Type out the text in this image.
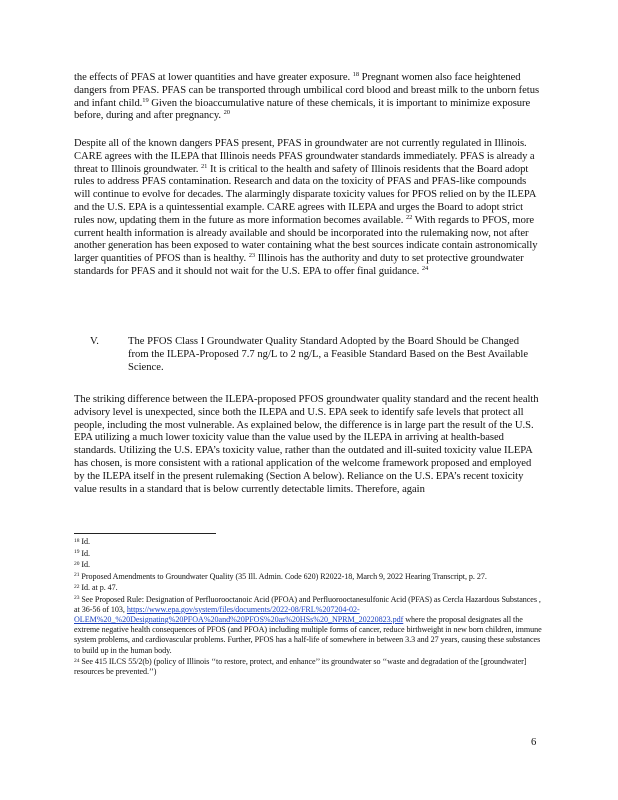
the effects of PFAS at lower quantities and have greater exposure. $^{18}$ Pregnant women also face heightened dangers from PFAS. PFAS can be transported through umbilical cord blood and breast milk to the unborn fetus and infant child.$^{19}$ Given the bioaccumulative nature of these chemicals, it is important to minimize exposure before, during and after pregnancy. $^{20}$

Despite all of the known dangers PFAS present, PFAS in groundwater are not currently regulated in Illinois. CARE agrees with the ILEPA that Illinois needs PFAS groundwater standards immediately. PFAS is already a threat to Illinois groundwater. $^{21}$ It is critical to the health and safety of Illinois residents that the Board adopt rules to address PFAS contamination. Research and data on the toxicity of PFAS and PFAS-like compounds will continue to evolve for decades. The alarmingly disparate toxicity values for PFOS relied on by the ILEPA and the U.S. EPA is a quintessential example. CARE agrees with ILEPA and urges the Board to adopt strict rules now, updating them in the future as more information becomes available. $^{22}$ With regards to PFOS, more current health information is already available and should be incorporated into the rulemaking now, not after another generation has been exposed to water containing what the best sources indicate contain astronomically larger quantities of PFOS than is healthy. $^{23}$ Illinois has the authority and duty to set protective groundwater standards for PFAS and it should not wait for the U.S. EPA to offer final guidance. $^{24}$

V.	The PFOS Class I Groundwater Quality Standard Adopted by the Board Should be Changed from the ILEPA-Proposed 7.7 ng/L to 2 ng/L, a Feasible Standard Based on the Best Available Science.

The striking difference between the ILEPA-proposed PFOS groundwater quality standard and the recent health advisory level is unexpected, since both the ILEPA and U.S. EPA seek to identify safe levels that protect all people, including the most vulnerable. As explained below, the difference is in large part the result of the U.S. EPA utilizing a much lower toxicity value than the value used by the ILEPA in arriving at health-based standards. Utilizing the U.S. EPA’s toxicity value, rather than the outdated and ill-suited toxicity value ILEPA has chosen, is more consistent with a rational application of the welcome framework proposed and employed by the ILEPA itself in the present rulemaking (Section A below). Reliance on the U.S. EPA’s recent toxicity value results in a standard that is below currently detectable limits. Therefore, again

$^{18}$ Id.

$^{19}$ Id.

$^{20}$ Id.

$^{21}$ Proposed Amendments to Groundwater Quality (35 Ill. Admin. Code 620) R2022-18, March 9, 2022 Hearing Transcript, p. 27.

$^{22}$ Id. at p. 47.

$^{23}$ See Proposed Rule: Designation of Perfluorooctanoic Acid (PFOA) and Perfluorooctanesulfonic Acid (PFAS) as Cercla Hazardous Substances , at 36-56 of 103, https://www.epa.gov/system/files/documents/2022-08/FRL%207204-02-OLEM%20_%20Designating%20PFOA%20and%20PFOS%20as%20HSs%20_NPRM_20220823.pdf where the proposal designates all the extreme negative health consequences of PFOS (and PFOA) including multiple forms of cancer, reduce birthweight in new born children, immune system problems, and cardiovascular problems. Further, PFOS has a half-life of somewhere in between 3.3 and 27 years, causing these substances to build up in the human body.

$^{24}$ See 415 ILCS 55/2(b) (policy of Illinois ‘‘to restore, protect, and enhance’’ its groundwater so ‘‘waste and degradation of the [groundwater] resources be prevented.’’)

6
